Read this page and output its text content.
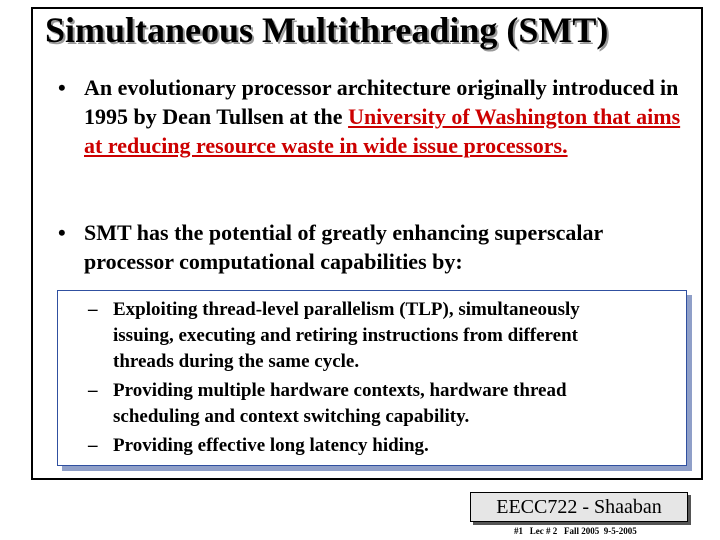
Simultaneous Multithreading (SMT)
• An evolutionary processor architecture originally introduced in 1995 by Dean Tullsen at the University of Washington that aims at reducing resource waste in wide issue processors.
• SMT has the potential of greatly enhancing superscalar processor computational capabilities by:
– Exploiting thread-level parallelism (TLP), simultaneously
issuing, executing and retiring instructions from different
threads during the same cycle.
– Providing multiple hardware contexts, hardware thread
scheduling and context switching capability.
– Providing effective long latency hiding.
EECC722 - Shaaban
#1   Lec # 2   Fall 2005  9-5-2005
